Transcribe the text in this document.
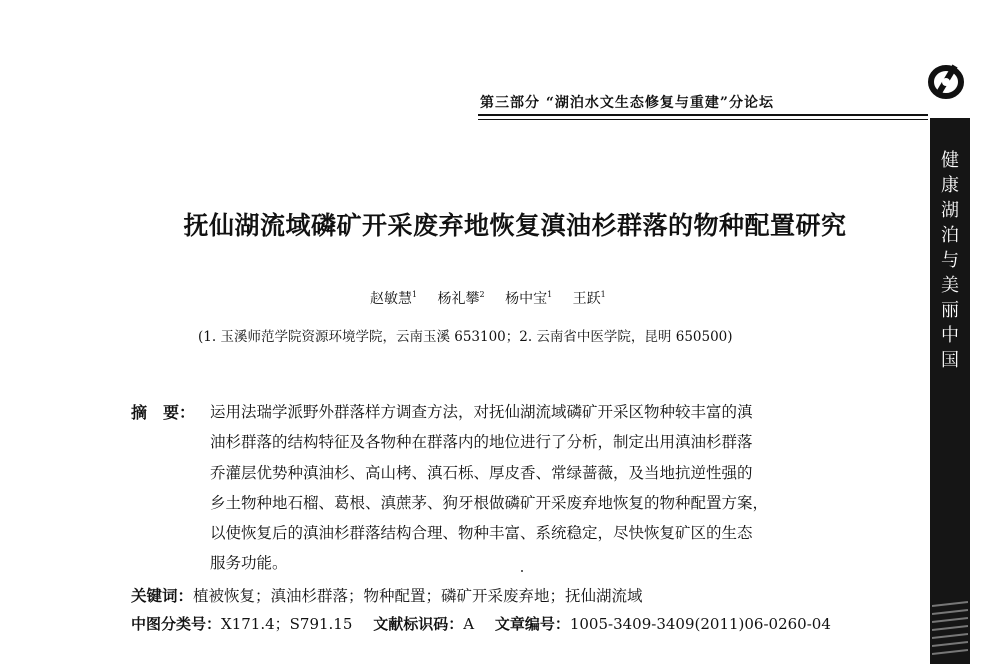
第三部分 “湖泊水文生态修复与重建”分论坛
健
康
湖
泊
与
美
丽
中
国
抚仙湖流域磷矿开采废弃地恢复滇油杉群落的物种配置研究
赵敏慧$^1$ 杨礼攀$^2$ 杨中宝$^1$ 王跃$^1$
(1. 玉溪师范学院资源环境学院，云南玉溪 653100；2. 云南省中医学院，昆明 650500)
摘　要： 运用法瑞学派野外群落样方调查方法，对抚仙湖流域磷矿开采区物种较丰富的滇
油杉群落的结构特征及各物种在群落内的地位进行了分析，制定出用滇油杉群落
乔灌层优势种滇油杉、高山栲、滇石栎、厚皮香、常绿蔷薇，及当地抗逆性强的
乡土物种地石榴、葛根、滇蔗茅、狗牙根做磷矿开采废弃地恢复的物种配置方案，
以使恢复后的滇油杉群落结构合理、物种丰富、系统稳定，尽快恢复矿区的生态
服务功能。
关键词：植被恢复；滇油杉群落；物种配置；磷矿开采废弃地；抚仙湖流域
中图分类号：X171.4；S791.15 文献标识码：A 文章编号：1005-3409-3409(2011)06-0260-04
